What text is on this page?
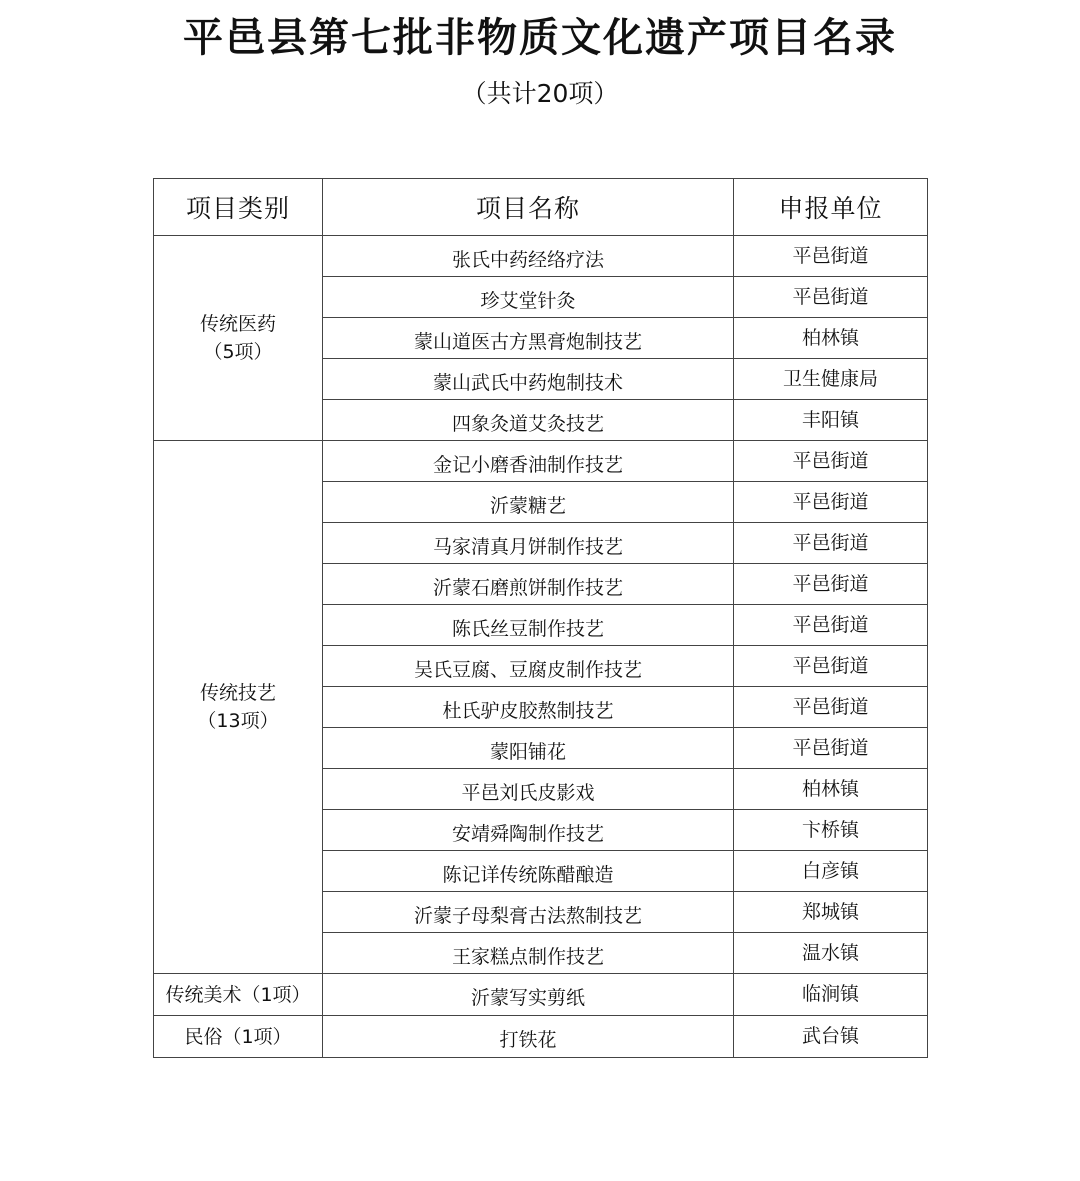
平邑县第七批非物质文化遗产项目名录
（共计20项）
项目类别	项目名称	申报单位

传统医药
（5项）	张氏中药经络疗法	平邑街道
	珍艾堂针灸	平邑街道
	蒙山道医古方黑膏炮制技艺	柏林镇
	蒙山武氏中药炮制技术	卫生健康局
	四象灸道艾灸技艺	丰阳镇

传统技艺
（13项）	金记小磨香油制作技艺	平邑街道
	沂蒙糖艺	平邑街道
	马家清真月饼制作技艺	平邑街道
	沂蒙石磨煎饼制作技艺	平邑街道
	陈氏丝豆制作技艺	平邑街道
	吴氏豆腐、豆腐皮制作技艺	平邑街道
	杜氏驴皮胶熬制技艺	平邑街道
	蒙阳铺花	平邑街道
	平邑刘氏皮影戏	柏林镇
	安靖舜陶制作技艺	卞桥镇
	陈记详传统陈醋酿造	白彦镇
	沂蒙子母梨膏古法熬制技艺	郑城镇
	王家糕点制作技艺	温水镇

传统美术（1项）	沂蒙写实剪纸	临涧镇

民俗（1项）	打铁花	武台镇
